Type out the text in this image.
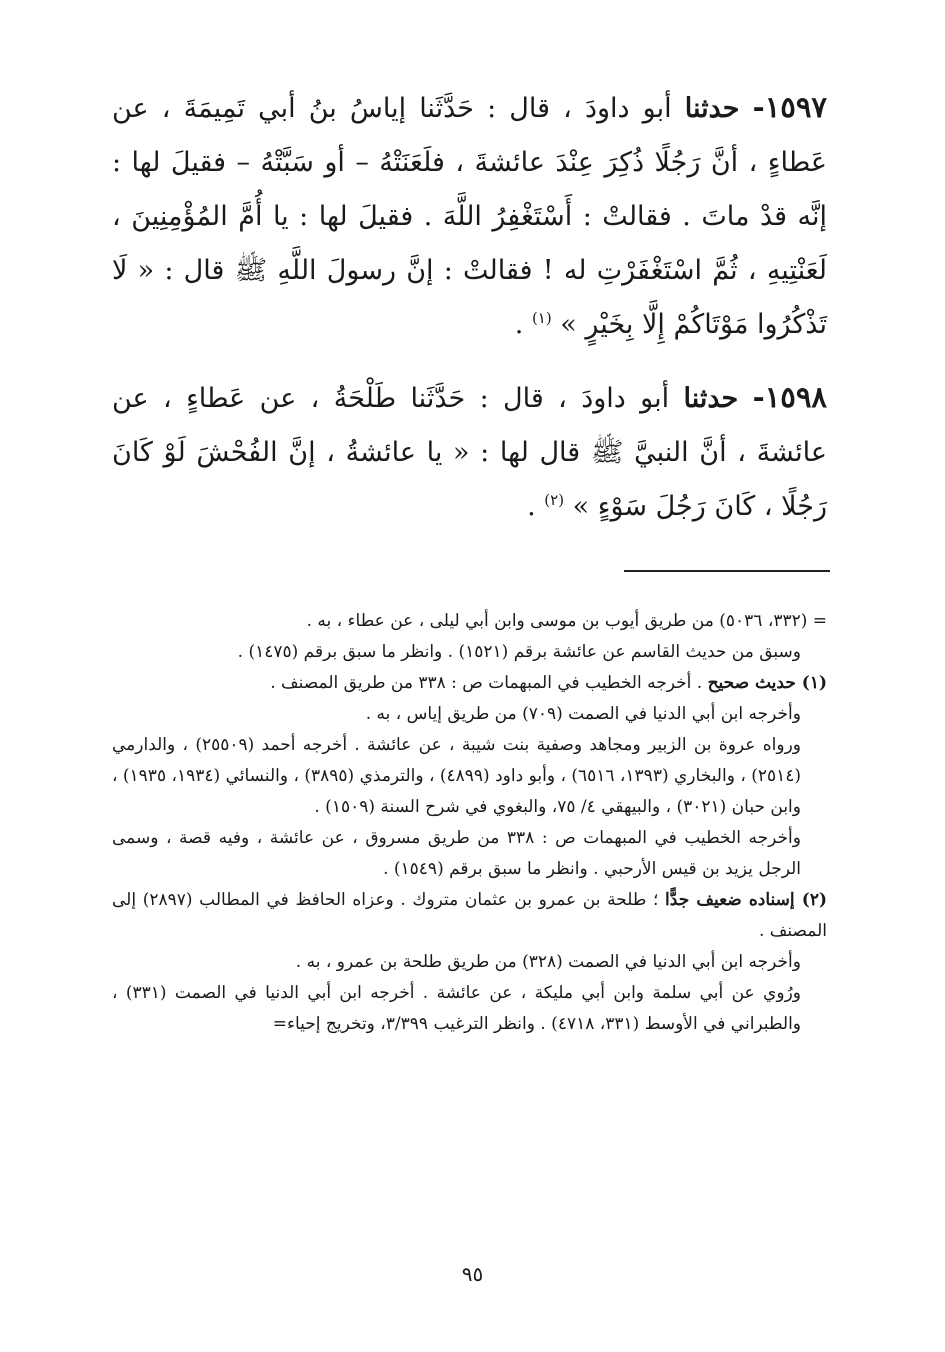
١٥٩٧- حدثنا أبو داودَ ، قال : حَدَّثَنا إياسُ بنُ أبي تَمِيمَةَ ، عن عَطاءٍ ، أنَّ رَجُلًا ذُكِرَ عِنْدَ عائشةَ ، فلَعَنَتْهُ – أو سَبَّتْهُ – فقيلَ لها : إنَّه قدْ ماتَ . فقالتْ : أَسْتَغْفِرُ اللَّهَ . فقيلَ لها : يا أُمَّ المُؤْمِنِينَ ، لَعَنْتِيهِ ، ثُمَّ اسْتَغْفَرْتِ له ! فقالتْ : إنَّ رسولَ اللَّهِ ﷺ قال : « لَا تَذْكُرُوا مَوْتَاكُمْ إِلَّا بِخَيْرٍ » $^{(١)}$ .

١٥٩٨- حدثنا أبو داودَ ، قال : حَدَّثَنا طَلْحَةُ ، عن عَطاءٍ ، عن عائشةَ ، أنَّ النبيَّ ﷺ قال لها : « يا عائشةُ ، إنَّ الفُحْشَ لَوْ كَانَ رَجُلًا ، كَانَ رَجُلَ سَوْءٍ » $^{(٢)}$ .

= (٣٣٢، ٥٠٣٦) من طريق أيوب بن موسى وابن أبي ليلى ، عن عطاء ، به .

وسبق من حديث القاسم عن عائشة برقم (١٥٢١) . وانظر ما سبق برقم (١٤٧٥) .

(١) حديث صحيح . أخرجه الخطيب في المبهمات ص : ٣٣٨ من طريق المصنف .

وأخرجه ابن أبي الدنيا في الصمت (٧٠٩) من طريق إياس ، به .

ورواه عروة بن الزبير ومجاهد وصفية بنت شيبة ، عن عائشة . أخرجه أحمد (٢٥٥٠٩) ، والدارمي (٢٥١٤) ، والبخاري (١٣٩٣، ٦٥١٦) ، وأبو داود (٤٨٩٩) ، والترمذي (٣٨٩٥) ، والنسائي (١٩٣٤، ١٩٣٥) ، وابن حبان (٣٠٢١) ، والبيهقي ٤/ ٧٥، والبغوي في شرح السنة (١٥٠٩) .

وأخرجه الخطيب في المبهمات ص : ٣٣٨ من طريق مسروق ، عن عائشة ، وفيه قصة ، وسمى الرجل يزيد بن قيس الأرحبي . وانظر ما سبق برقم (١٥٤٩) .

(٢) إسناده ضعيف جدًّا ؛ طلحة بن عمرو بن عثمان متروك . وعزاه الحافظ في المطالب (٢٨٩٧) إلى المصنف .

وأخرجه ابن أبي الدنيا في الصمت (٣٢٨) من طريق طلحة بن عمرو ، به .

ورُوي عن أبي سلمة وابن أبي مليكة ، عن عائشة . أخرجه ابن أبي الدنيا في الصمت (٣٣١) ، والطبراني في الأوسط (٣٣١، ٤٧١٨) . وانظر الترغيب ٣/٣٩٩، وتخريج إحياء=

٩٥
